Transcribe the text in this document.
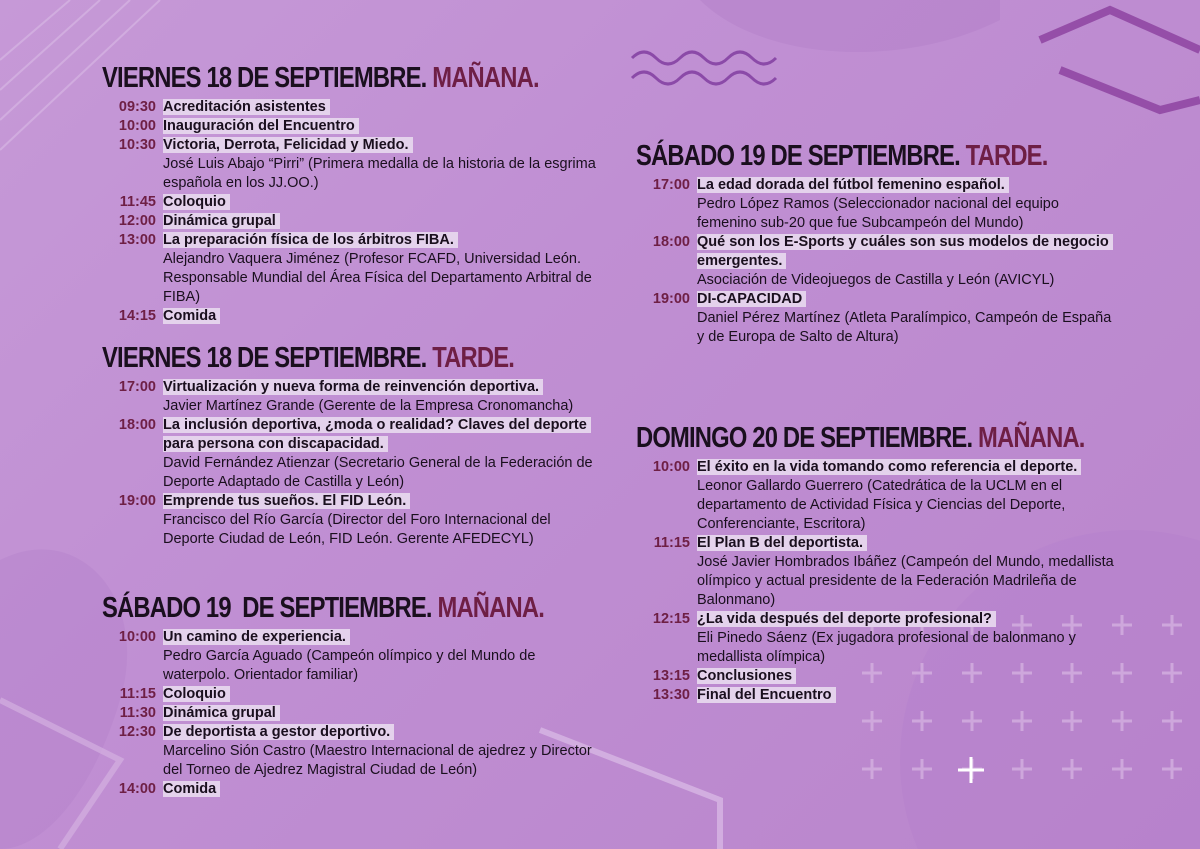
VIERNES 18 DE SEPTIEMBRE. MAÑANA.
09:30 Acreditación asistentes
10:00 Inauguración del Encuentro
10:30 Victoria, Derrota, Felicidad y Miedo.
José Luis Abajo “Pirri” (Primera medalla de la historia de la esgrima española en los JJ.OO.)
11:45 Coloquio
12:00 Dinámica grupal
13:00 La preparación física de los árbitros FIBA.
Alejandro Vaquera Jiménez (Profesor FCAFD, Universidad León. Responsable Mundial del Área Física del Departamento Arbitral de FIBA)
14:15 Comida
VIERNES 18 DE SEPTIEMBRE. TARDE.
17:00 Virtualización y nueva forma de reinvención deportiva.
Javier Martínez Grande (Gerente de la Empresa Cronomancha)
18:00 La inclusión deportiva, ¿moda o realidad? Claves del deporte para persona con discapacidad.
David Fernández Atienzar (Secretario General de la Federación de Deporte Adaptado de Castilla y León)
19:00 Emprende tus sueños. El FID León.
Francisco del Río García (Director del Foro Internacional del Deporte Ciudad de León, FID León. Gerente AFEDECYL)
SÁBADO 19  DE SEPTIEMBRE. MAÑANA.
10:00 Un camino de experiencia.
Pedro García Aguado (Campeón olímpico y del Mundo de waterpolo. Orientador familiar)
11:15 Coloquio
11:30 Dinámica grupal
12:30 De deportista a gestor deportivo.
Marcelino Sión Castro (Maestro Internacional de ajedrez y Director del Torneo de Ajedrez Magistral Ciudad de León)
14:00 Comida
SÁBADO 19 DE SEPTIEMBRE. TARDE.
17:00 La edad dorada del fútbol femenino español.
Pedro López Ramos (Seleccionador nacional del equipo femenino sub-20 que fue Subcampeón del Mundo)
18:00 Qué son los E-Sports y cuáles son sus modelos de negocio emergentes.
Asociación de Videojuegos de Castilla y León (AVICYL)
19:00 DI-CAPACIDAD
Daniel Pérez Martínez (Atleta Paralímpico, Campeón de España y de Europa de Salto de Altura)
DOMINGO 20 DE SEPTIEMBRE. MAÑANA.
10:00 El éxito en la vida tomando como referencia el deporte.
Leonor Gallardo Guerrero (Catedrática de la UCLM en el departamento de Actividad Física y Ciencias del Deporte, Conferenciante, Escritora)
11:15 El Plan B del deportista.
José Javier Hombrados Ibáñez (Campeón del Mundo, medallista olímpico y actual presidente de la Federación Madrileña de Balonmano)
12:15 ¿La vida después del deporte profesional?
Eli Pinedo Sáenz (Ex jugadora profesional de balonmano y medallista olímpica)
13:15 Conclusiones
13:30 Final del Encuentro
